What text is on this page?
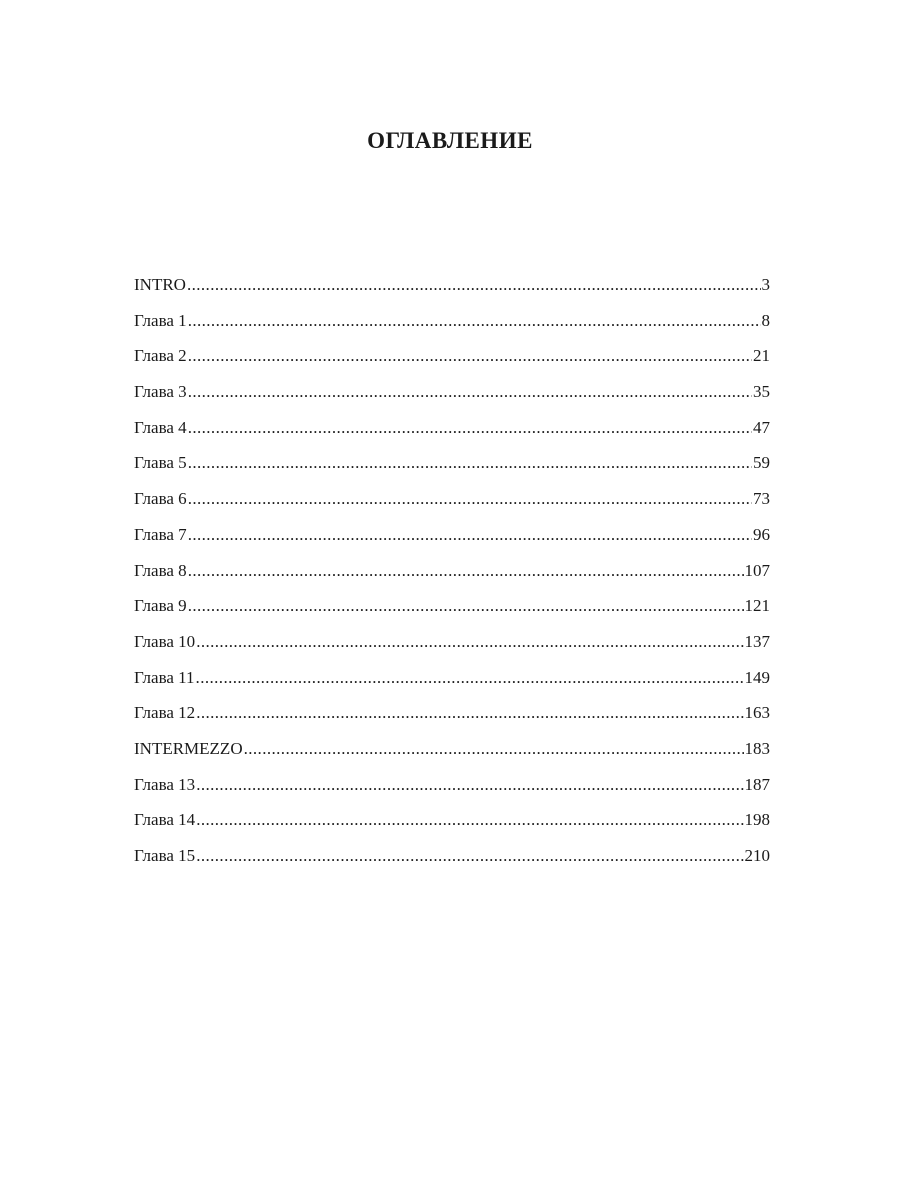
ОГЛАВЛЕНИЕ
INTRO .....	3
Глава 1 .....	8
Глава 2 .....	21
Глава 3 .....	35
Глава 4 .....	47
Глава 5 .....	59
Глава 6 .....	73
Глава 7 .....	96
Глава 8 .....	107
Глава 9 .....	121
Глава 10 .....	137
Глава 11 .....	149
Глава 12 .....	163
INTERMEZZO .....	183
Глава 13 .....	187
Глава 14 .....	198
Глава 15 .....	210
